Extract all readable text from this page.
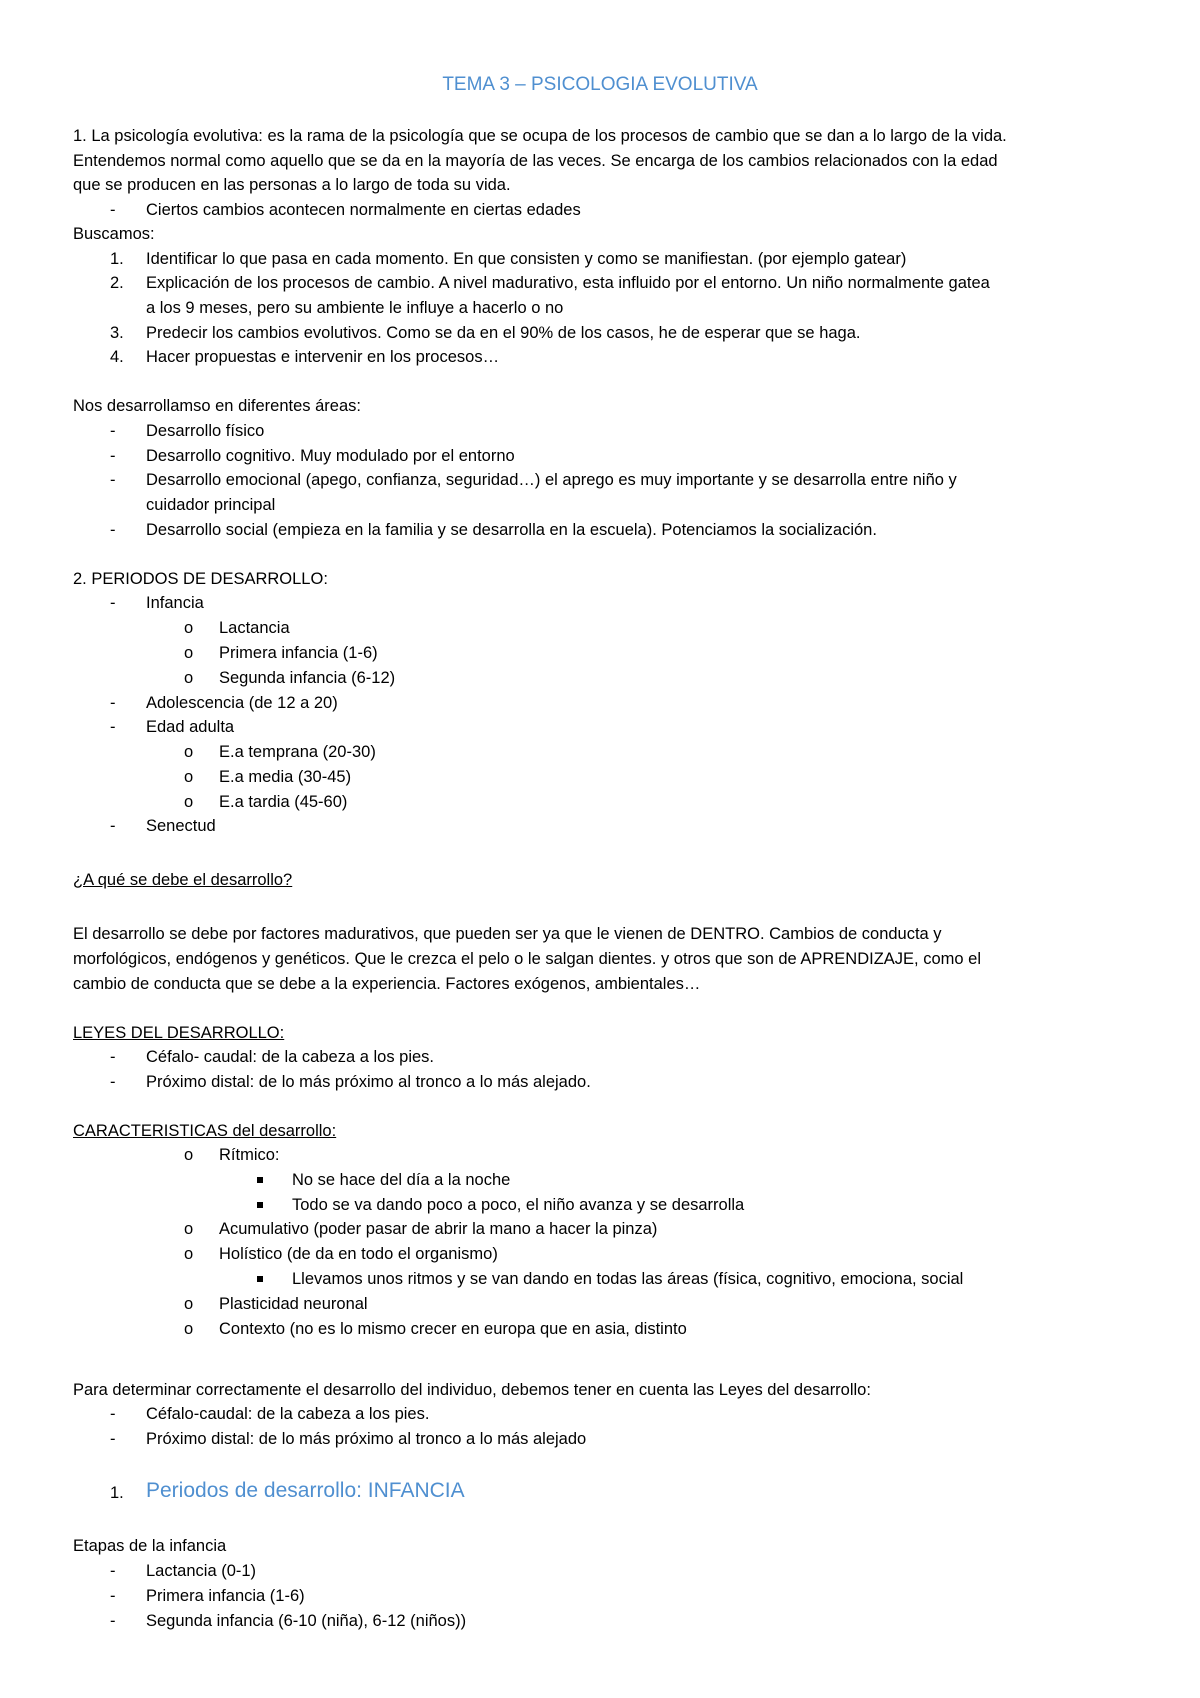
TEMA 3 – PSICOLOGIA EVOLUTIVA
1. La psicología evolutiva: es la rama de la psicología que se ocupa de los procesos de cambio que se dan a lo largo de la vida.
Entendemos normal como aquello que se da en la mayoría de las veces. Se encarga de los cambios relacionados con la edad
que se producen en las personas a lo largo de toda su vida.
- Ciertos cambios acontecen normalmente en ciertas edades
Buscamos:
1. Identificar lo que pasa en cada momento. En que consisten y como se manifiestan. (por ejemplo gatear)
2. Explicación de los procesos de cambio. A nivel madurativo, esta influido por el entorno. Un niño normalmente gatea
a los 9 meses, pero su ambiente le influye a hacerlo o no
3. Predecir los cambios evolutivos. Como se da en el 90% de los casos, he de esperar que se haga.
4. Hacer propuestas e intervenir en los procesos…
Nos desarrollamso en diferentes áreas:
- Desarrollo físico
- Desarrollo cognitivo. Muy modulado por el entorno
- Desarrollo emocional (apego, confianza, seguridad…) el aprego es muy importante y se desarrolla entre niño y
cuidador principal
- Desarrollo social (empieza en la familia y se desarrolla en la escuela). Potenciamos la socialización.
2. PERIODOS DE DESARROLLO:
- Infancia
o Lactancia
o Primera infancia (1-6)
o Segunda infancia (6-12)
- Adolescencia (de 12 a 20)
- Edad adulta
o E.a temprana (20-30)
o E.a media (30-45)
o E.a tardia (45-60)
- Senectud
¿A qué se debe el desarrollo?
El desarrollo se debe por factores madurativos, que pueden ser ya que le vienen de DENTRO. Cambios de conducta y
morfológicos, endógenos y genéticos. Que le crezca el pelo o le salgan dientes. y otros que son de APRENDIZAJE, como el
cambio de conducta que se debe a la experiencia. Factores exógenos, ambientales…
LEYES DEL DESARROLLO:
- Céfalo- caudal: de la cabeza a los pies.
- Próximo distal: de lo más próximo al tronco a lo más alejado.
CARACTERISTICAS del desarrollo:
o Rítmico:
No se hace del día a la noche
Todo se va dando poco a poco, el niño avanza y se desarrolla
o Acumulativo (poder pasar de abrir la mano a hacer la pinza)
o Holístico (de da en todo el organismo)
Llevamos unos ritmos y se van dando en todas las áreas (física, cognitivo, emociona, social
o Plasticidad neuronal
o Contexto (no es lo mismo crecer en europa que en asia, distinto
Para determinar correctamente el desarrollo del individuo, debemos tener en cuenta las Leyes del desarrollo:
- Céfalo-caudal: de la cabeza a los pies.
- Próximo distal: de lo más próximo al tronco a lo más alejado
1. Periodos de desarrollo: INFANCIA
Etapas de la infancia
- Lactancia (0-1)
- Primera infancia (1-6)
- Segunda infancia (6-10 (niña), 6-12 (niños))
